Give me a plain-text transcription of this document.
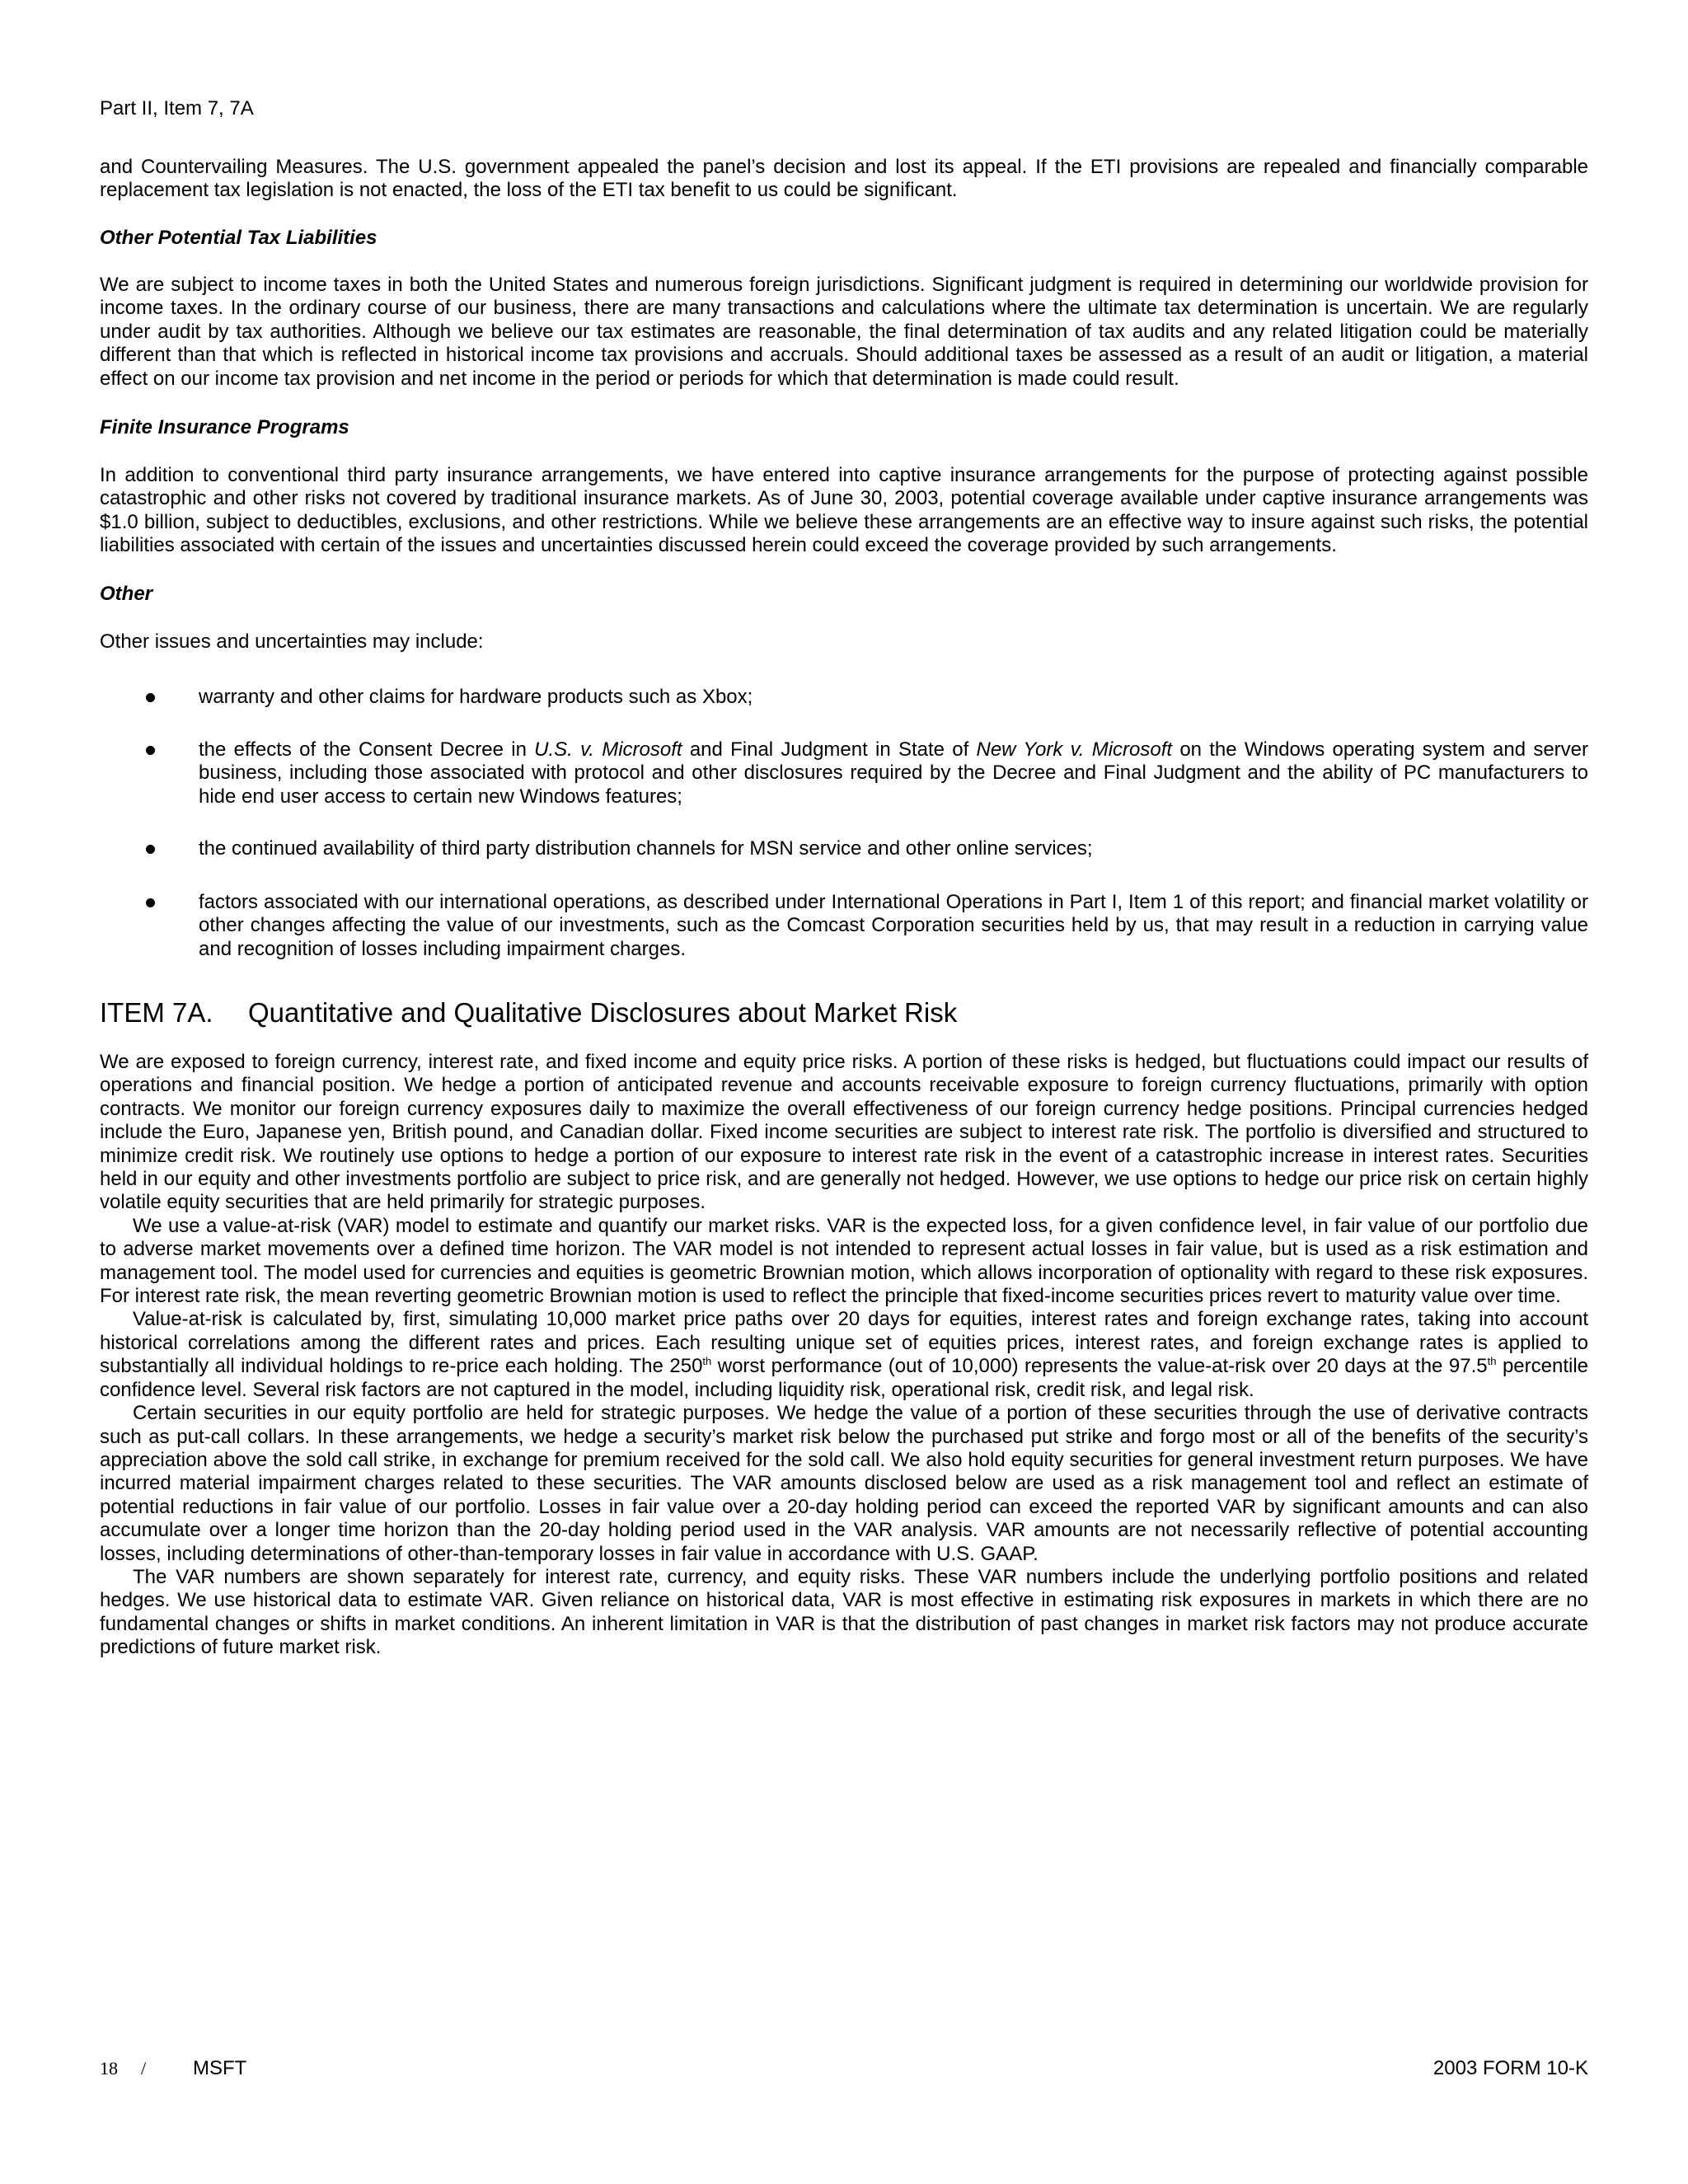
Part II, Item 7, 7A

and Countervailing Measures. The U.S. government appealed the panel’s decision and lost its appeal. If the ETI provisions are repealed and financially comparable replacement tax legislation is not enacted, the loss of the ETI tax benefit to us could be significant.

Other Potential Tax Liabilities

We are subject to income taxes in both the United States and numerous foreign jurisdictions. Significant judgment is required in determining our worldwide provision for income taxes. In the ordinary course of our business, there are many transactions and calculations where the ultimate tax determination is uncertain. We are regularly under audit by tax authorities. Although we believe our tax estimates are reasonable, the final determination of tax audits and any related litigation could be materially different than that which is reflected in historical income tax provisions and accruals. Should additional taxes be assessed as a result of an audit or litigation, a material effect on our income tax provision and net income in the period or periods for which that determination is made could result.

Finite Insurance Programs

In addition to conventional third party insurance arrangements, we have entered into captive insurance arrangements for the purpose of protecting against possible catastrophic and other risks not covered by traditional insurance markets. As of June 30, 2003, potential coverage available under captive insurance arrangements was $1.0 billion, subject to deductibles, exclusions, and other restrictions. While we believe these arrangements are an effective way to insure against such risks, the potential liabilities associated with certain of the issues and uncertainties discussed herein could exceed the coverage provided by such arrangements.

Other

Other issues and uncertainties may include:

warranty and other claims for hardware products such as Xbox;

the effects of the Consent Decree in U.S. v. Microsoft and Final Judgment in State of New York v. Microsoft on the Windows operating system and server business, including those associated with protocol and other disclosures required by the Decree and Final Judgment and the ability of PC manufacturers to hide end user access to certain new Windows features;

the continued availability of third party distribution channels for MSN service and other online services;

factors associated with our international operations, as described under International Operations in Part I, Item 1 of this report; and financial market volatility or other changes affecting the value of our investments, such as the Comcast Corporation securities held by us, that may result in a reduction in carrying value and recognition of losses including impairment charges.

ITEM 7A.	Quantitative and Qualitative Disclosures about Market Risk

We are exposed to foreign currency, interest rate, and fixed income and equity price risks. A portion of these risks is hedged, but fluctuations could impact our results of operations and financial position. We hedge a portion of anticipated revenue and accounts receivable exposure to foreign currency fluctuations, primarily with option contracts. We monitor our foreign currency exposures daily to maximize the overall effectiveness of our foreign currency hedge positions. Principal currencies hedged include the Euro, Japanese yen, British pound, and Canadian dollar. Fixed income securities are subject to interest rate risk. The portfolio is diversified and structured to minimize credit risk. We routinely use options to hedge a portion of our exposure to interest rate risk in the event of a catastrophic increase in interest rates. Securities held in our equity and other investments portfolio are subject to price risk, and are generally not hedged. However, we use options to hedge our price risk on certain highly volatile equity securities that are held primarily for strategic purposes.

We use a value-at-risk (VAR) model to estimate and quantify our market risks. VAR is the expected loss, for a given confidence level, in fair value of our portfolio due to adverse market movements over a defined time horizon. The VAR model is not intended to represent actual losses in fair value, but is used as a risk estimation and management tool. The model used for currencies and equities is geometric Brownian motion, which allows incorporation of optionality with regard to these risk exposures. For interest rate risk, the mean reverting geometric Brownian motion is used to reflect the principle that fixed-income securities prices revert to maturity value over time.

Value-at-risk is calculated by, first, simulating 10,000 market price paths over 20 days for equities, interest rates and foreign exchange rates, taking into account historical correlations among the different rates and prices. Each resulting unique set of equities prices, interest rates, and foreign exchange rates is applied to substantially all individual holdings to re-price each holding. The 250th worst performance (out of 10,000) represents the value-at-risk over 20 days at the 97.5th percentile confidence level. Several risk factors are not captured in the model, including liquidity risk, operational risk, credit risk, and legal risk.

Certain securities in our equity portfolio are held for strategic purposes. We hedge the value of a portion of these securities through the use of derivative contracts such as put-call collars. In these arrangements, we hedge a security’s market risk below the purchased put strike and forgo most or all of the benefits of the security’s appreciation above the sold call strike, in exchange for premium received for the sold call. We also hold equity securities for general investment return purposes. We have incurred material impairment charges related to these securities. The VAR amounts disclosed below are used as a risk management tool and reflect an estimate of potential reductions in fair value of our portfolio. Losses in fair value over a 20-day holding period can exceed the reported VAR by significant amounts and can also accumulate over a longer time horizon than the 20-day holding period used in the VAR analysis. VAR amounts are not necessarily reflective of potential accounting losses, including determinations of other-than-temporary losses in fair value in accordance with U.S. GAAP.

The VAR numbers are shown separately for interest rate, currency, and equity risks. These VAR numbers include the underlying portfolio positions and related hedges. We use historical data to estimate VAR. Given reliance on historical data, VAR is most effective in estimating risk exposures in markets in which there are no fundamental changes or shifts in market conditions. An inherent limitation in VAR is that the distribution of past changes in market risk factors may not produce accurate predictions of future market risk.

18 / MSFT	2003 FORM 10-K
